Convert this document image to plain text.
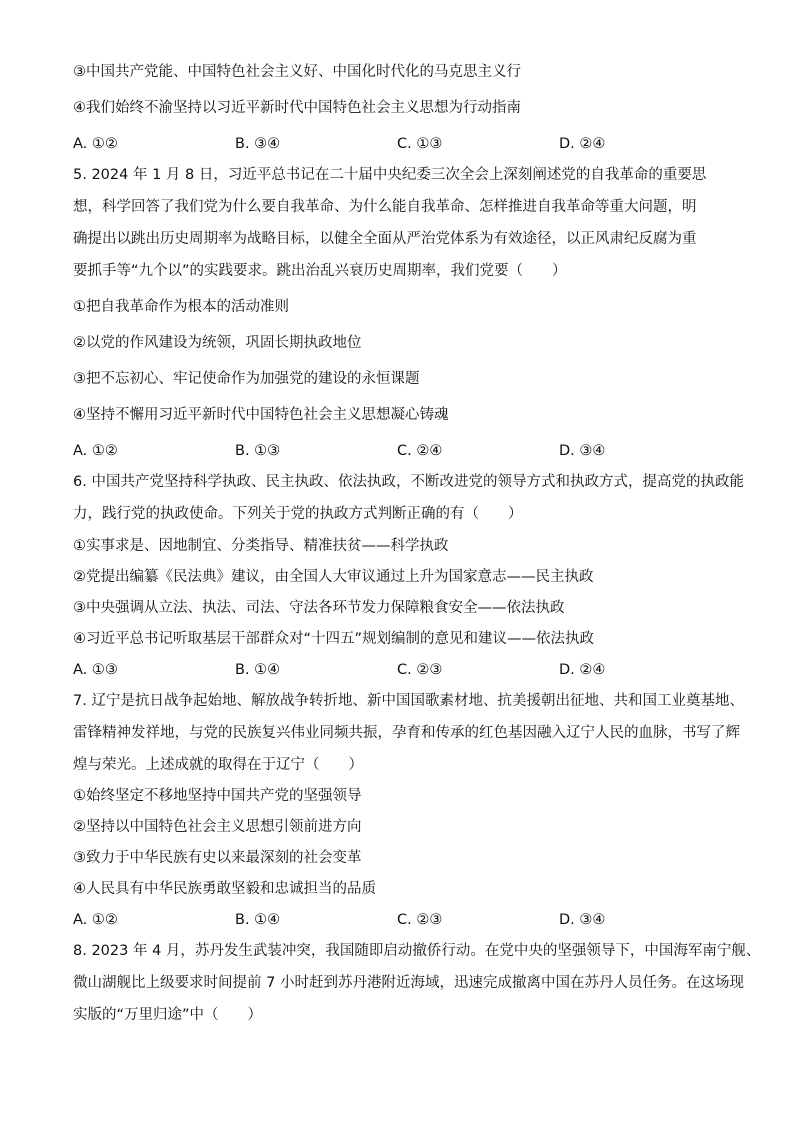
③中国共产党能、中国特色社会主义好、中国化时代化的马克思主义行
④我们始终不渝坚持以习近平新时代中国特色社会主义思想为行动指南
A. ①②	B. ③④	C. ①③	D. ②④
5. 2024 年 1 月 8 日，习近平总书记在二十届中央纪委三次全会上深刻阐述党的自我革命的重要思
想，科学回答了我们党为什么要自我革命、为什么能自我革命、怎样推进自我革命等重大问题，明
确提出以跳出历史周期率为战略目标，以健全全面从严治党体系为有效途径，以正风肃纪反腐为重
要抓手等“九个以”的实践要求。跳出治乱兴衰历史周期率，我们党要（　　）
①把自我革命作为根本的活动准则
②以党的作风建设为统领，巩固长期执政地位
③把不忘初心、牢记使命作为加强党的建设的永恒课题
④坚持不懈用习近平新时代中国特色社会主义思想凝心铸魂
A. ①②	B. ①③	C. ②④	D. ③④
6. 中国共产党坚持科学执政、民主执政、依法执政，不断改进党的领导方式和执政方式，提高党的执政能
力，践行党的执政使命。下列关于党的执政方式判断正确的有（　　）
①实事求是、因地制宜、分类指导、精准扶贫——科学执政
②党提出编纂《民法典》建议，由全国人大审议通过上升为国家意志——民主执政
③中央强调从立法、执法、司法、守法各环节发力保障粮食安全——依法执政
④习近平总书记听取基层干部群众对“十四五”规划编制的意见和建议——依法执政
A. ①③	B. ①④	C. ②③	D. ②④
7. 辽宁是抗日战争起始地、解放战争转折地、新中国国歌素材地、抗美援朝出征地、共和国工业奠基地、
雷锋精神发祥地，与党的民族复兴伟业同频共振，孕育和传承的红色基因融入辽宁人民的血脉，书写了辉
煌与荣光。上述成就的取得在于辽宁（　　）
①始终坚定不移地坚持中国共产党的坚强领导
②坚持以中国特色社会主义思想引领前进方向
③致力于中华民族有史以来最深刻的社会变革
④人民具有中华民族勇敢坚毅和忠诚担当的品质
A. ①②	B. ①④	C. ②③	D. ③④
8. 2023 年 4 月，苏丹发生武装冲突，我国随即启动撤侨行动。在党中央的坚强领导下，中国海军南宁舰、
微山湖舰比上级要求时间提前 7 小时赶到苏丹港附近海域，迅速完成撤离中国在苏丹人员任务。在这场现
实版的“万里归途”中（　　）
